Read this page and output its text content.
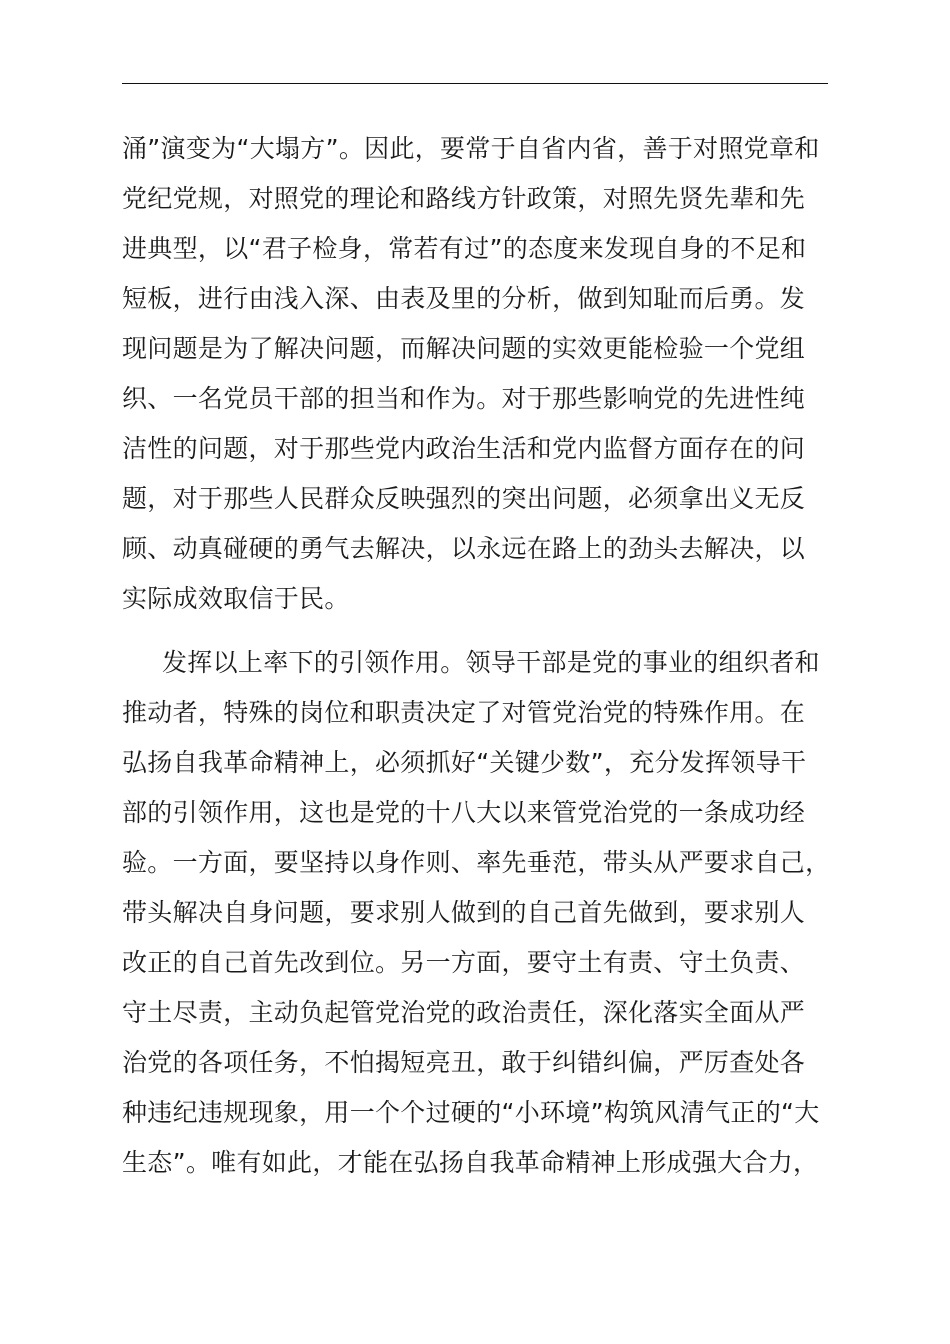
涌”演变为“大塌方”。因此，要常于自省内省，善于对照党章和
党纪党规，对照党的理论和路线方针政策，对照先贤先辈和先
进典型，以“君子检身，常若有过”的态度来发现自身的不足和
短板，进行由浅入深、由表及里的分析，做到知耻而后勇。发
现问题是为了解决问题，而解决问题的实效更能检验一个党组
织、一名党员干部的担当和作为。对于那些影响党的先进性纯
洁性的问题，对于那些党内政治生活和党内监督方面存在的问
题，对于那些人民群众反映强烈的突出问题，必须拿出义无反
顾、动真碰硬的勇气去解决，以永远在路上的劲头去解决，以
实际成效取信于民。
发挥以上率下的引领作用。领导干部是党的事业的组织者和
推动者，特殊的岗位和职责决定了对管党治党的特殊作用。在
弘扬自我革命精神上，必须抓好“关键少数”，充分发挥领导干
部的引领作用，这也是党的十八大以来管党治党的一条成功经
验。一方面，要坚持以身作则、率先垂范，带头从严要求自己，
带头解决自身问题，要求别人做到的自己首先做到，要求别人
改正的自己首先改到位。另一方面，要守土有责、守土负责、
守土尽责，主动负起管党治党的政治责任，深化落实全面从严
治党的各项任务，不怕揭短亮丑，敢于纠错纠偏，严厉查处各
种违纪违规现象，用一个个过硬的“小环境”构筑风清气正的“大
生态”。唯有如此，才能在弘扬自我革命精神上形成强大合力，
